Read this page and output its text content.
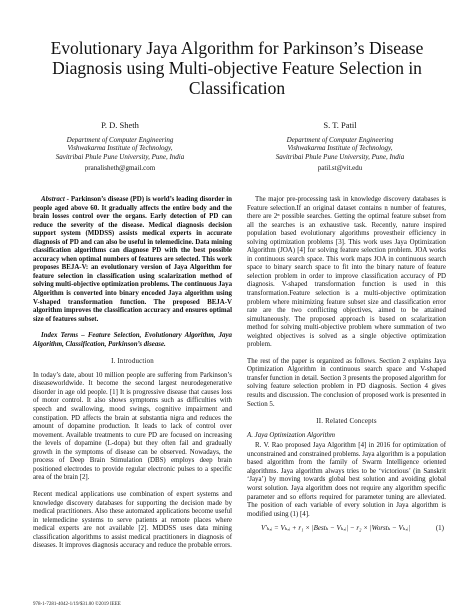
Evolutionary Jaya Algorithm for Parkinson’s Disease Diagnosis using Multi-objective Feature Selection in Classification
P. D. Sheth
Department of Computer Engineering
Vishwakarma Institute of Technology,
Savitribai Phule Pune University, Pune, India
pranalisheth@gmail.com
S. T. Patil
Department of Computer Engineering
Vishwakarma Institute of Technology,
Savitribai Phule Pune University, Pune, India
patil.st@vit.edu

Abstract - Parkinson’s disease (PD) is world’s leading disorder in people aged above 60. It gradually affects the entire body and the brain losses control over the organs. Early detection of PD can reduce the severity of the disease. Medical diagnosis decision support system (MDDSS) assists medical experts in accurate diagnosis of PD and can also be useful in telemedicine. Data mining classification algorithms can diagnose PD with the best possible accuracy when optimal numbers of features are selected. This work proposes BEJA-V: an evolutionary version of Jaya Algorithm for feature selection in classification using scalarization method of solving multi-objective optimization problems. The continuous Jaya Algorithm is converted into binary encoded Jaya algorithm using V-shaped transformation function. The proposed BEJA-V algorithm improves the classification accuracy and ensures optimal size of features subset.

Index Terms – Feature Selection, Evolutionary Algorithm, Jaya Algorithm, Classification, Parkinson’s disease.

I. Introduction

In today’s date, about 10 million people are suffering from Parkinson’s diseaseworldwide. It become the second largest neurodegenerative disorder in age old people. [1] It is progressive disease that causes loss of motor control. It also shows symptoms such as difficulties with speech and swallowing, mood swings, cognitive impairment and constipation. PD affects the brain at substantia nigra and reduces the amount of dopamine production. It leads to lack of control over movement. Available treatments to cure PD are focused on increasing the levels of dopamine (L-dopa) but they often fail and gradually growth in the symptoms of disease can be observed. Nowadays, the process of Deep Brain Stimulation (DBS) employs deep brain positioned electrodes to provide regular electronic pulses to a specific area of the brain [2].

Recent medical applications use combination of expert systems and knowledge discovery databases for supporting the decision made by medical practitioners. Also these automated applications become useful in telemedicine systems to serve patients at remote places where medical experts are not available [2]. MDDSS uses data mining classification algorithms to assist medical practitioners in diagnosis of diseases. It improves diagnosis accuracy and reduce the probable errors.

The major pre-processing task in knowledge discovery databases is Feature selection.If an original dataset contains n number of features, there are 2ⁿ possible searches. Getting the optimal feature subset from all the searches is an exhaustive task. Recently, nature inspired population based evolutionary algorithms provestheir efficiency in solving optimization problems [3]. This work uses Jaya Optimization Algorithm (JOA) [4] for solving feature selection problem. JOA works in continuous search space. This work maps JOA in continuous search space to binary search space to fit into the binary nature of feature selection problem in order to improve classification accuracy of PD diagnosis. V-shaped transformation function is used in this transformation.Feature selection is a multi-objective optimization problem where minimizing feature subset size and classification error rate are the two conflicting objectives, aimed to be attained simultaneously. The proposed approach is based on scalarization method for solving multi-objective problem where summation of two weighted objectives is solved as a single objective optimization problem.

The rest of the paper is organized as follows. Section 2 explains Jaya Optimization Algorithm in continuous search space and V-shaped transfer function in detail. Section 3 presents the proposed algorithm for solving feature selection problem in PD diagnosis. Section 4 gives results and discussion. The conclusion of proposed work is presented in Section 5.

II. Related Concepts
A. Jaya Optimization Algorithm

R. V. Rao proposed Jaya Algorithm [4] in 2016 for optimization of unconstrained and constrained problems. Jaya algorithm is a population based algorithm from the family of Swarm Intelligence oriented algorithms. Jaya algorithm always tries to be ‘victorious’ (in Sanskrit ‘Jaya’) by moving towards global best solution and avoiding global worst solution. Jaya algorithm does not require any algorithm specific parameter and so efforts required for parameter tuning are alleviated. The position of each variable of every solution in Jaya algorithm is modified using (1) [4].

V′ₖ,ᵢ = Vₖ,ᵢ + r₁ × |Bestₖ − Vₖ,ᵢ| − r₂ × |Worstₖ − Vₖ,ᵢ|	(1)
978-1-7281-4042-1/19/$31.00 ©2019 IEEE
